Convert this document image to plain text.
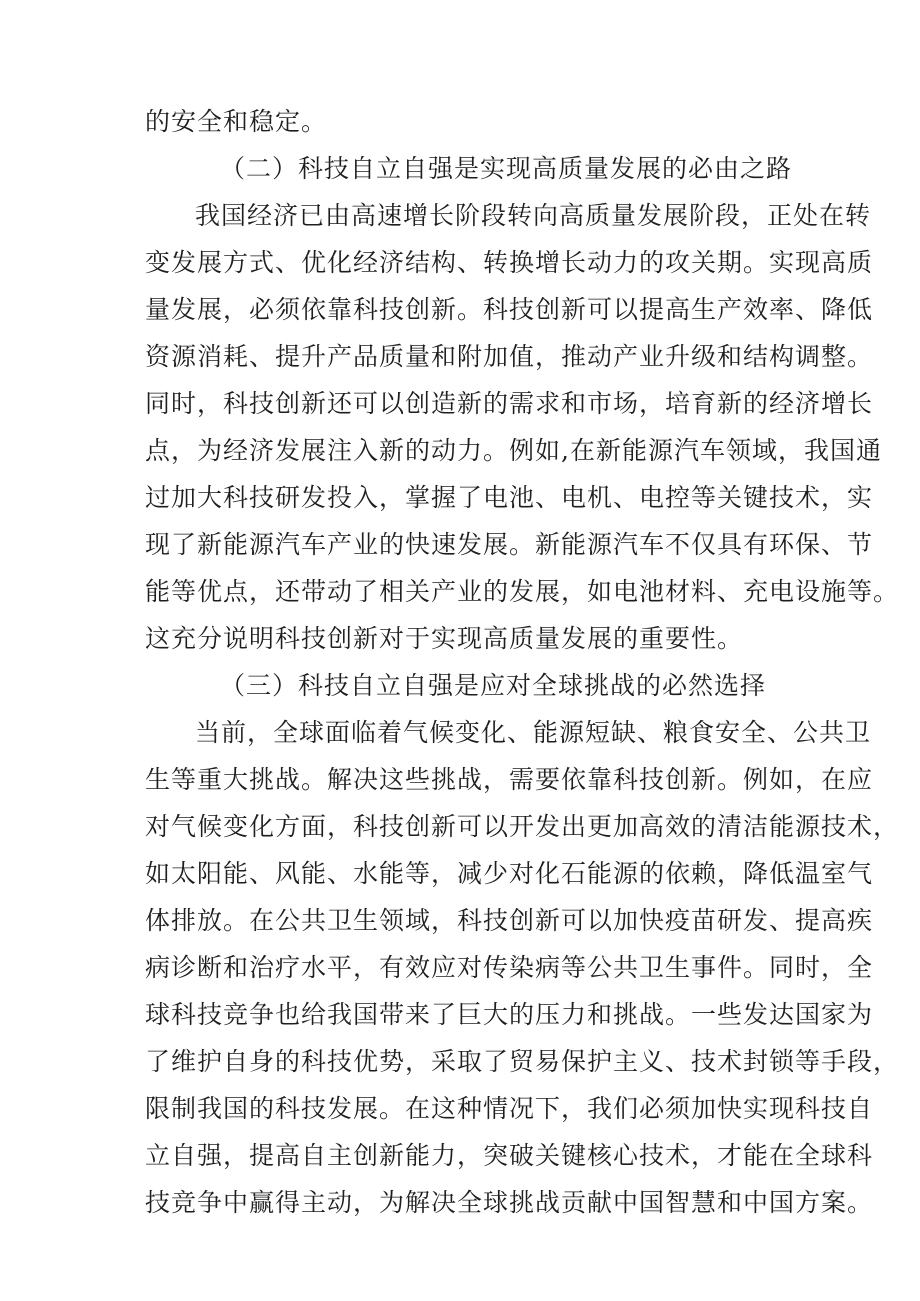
的安全和稳定。
（二）科技自立自强是实现高质量发展的必由之路
我国经济已由高速增长阶段转向高质量发展阶段，正处在转
变发展方式、优化经济结构、转换增长动力的攻关期。实现高质
量发展，必须依靠科技创新。科技创新可以提高生产效率、降低
资源消耗、提升产品质量和附加值，推动产业升级和结构调整。
同时，科技创新还可以创造新的需求和市场，培育新的经济增长
点，为经济发展注入新的动力。例如,在新能源汽车领域，我国通
过加大科技研发投入，掌握了电池、电机、电控等关键技术，实
现了新能源汽车产业的快速发展。新能源汽车不仅具有环保、节
能等优点，还带动了相关产业的发展，如电池材料、充电设施等。
这充分说明科技创新对于实现高质量发展的重要性。
（三）科技自立自强是应对全球挑战的必然选择
当前，全球面临着气候变化、能源短缺、粮食安全、公共卫
生等重大挑战。解决这些挑战，需要依靠科技创新。例如，在应
对气候变化方面，科技创新可以开发出更加高效的清洁能源技术，
如太阳能、风能、水能等，减少对化石能源的依赖，降低温室气
体排放。在公共卫生领域，科技创新可以加快疫苗研发、提高疾
病诊断和治疗水平，有效应对传染病等公共卫生事件。同时，全
球科技竞争也给我国带来了巨大的压力和挑战。一些发达国家为
了维护自身的科技优势，采取了贸易保护主义、技术封锁等手段，
限制我国的科技发展。在这种情况下，我们必须加快实现科技自
立自强，提高自主创新能力，突破关键核心技术，才能在全球科
技竞争中赢得主动，为解决全球挑战贡献中国智慧和中国方案。
